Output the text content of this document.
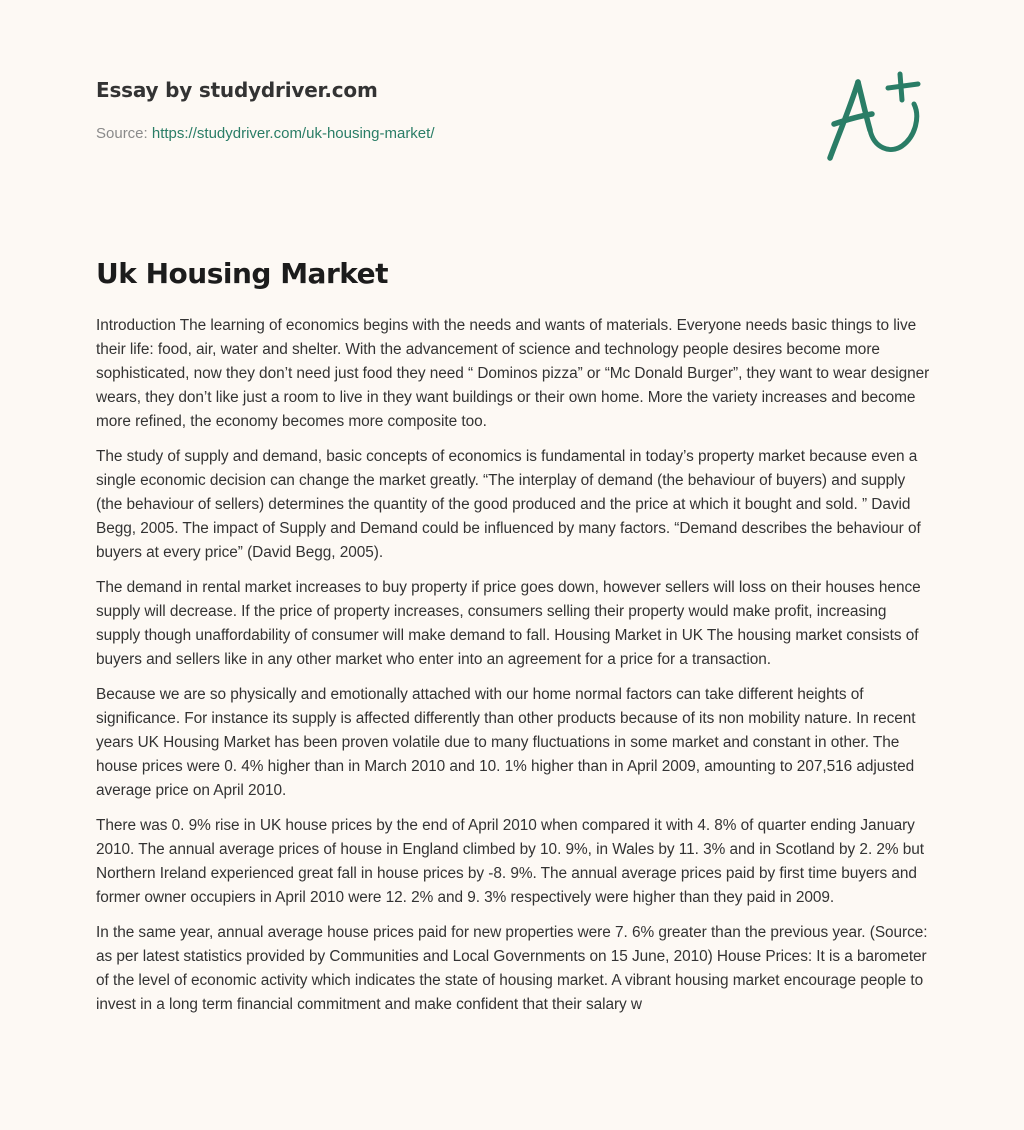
Essay by studydriver.com
Source: https://studydriver.com/uk-housing-market/
Uk Housing Market

Introduction The learning of economics begins with the needs and wants of materials. Everyone needs basic things to live their life: food, air, water and shelter. With the advancement of science and technology people desires become more sophisticated, now they don’t need just food they need “ Dominos pizza” or “Mc Donald Burger”, they want to wear designer wears, they don’t like just a room to live in they want buildings or their own home. More the variety increases and become more refined, the economy becomes more composite too.

The study of supply and demand, basic concepts of economics is fundamental in today’s property market because even a single economic decision can change the market greatly. “The interplay of demand (the behaviour of buyers) and supply (the behaviour of sellers) determines the quantity of the good produced and the price at which it bought and sold. ” David Begg, 2005. The impact of Supply and Demand could be influenced by many factors. “Demand describes the behaviour of buyers at every price” (David Begg, 2005).

The demand in rental market increases to buy property if price goes down, however sellers will loss on their houses hence supply will decrease. If the price of property increases, consumers selling their property would make profit, increasing supply though unaffordability of consumer will make demand to fall. Housing Market in UK The housing market consists of buyers and sellers like in any other market who enter into an agreement for a price for a transaction.

Because we are so physically and emotionally attached with our home normal factors can take different heights of significance. For instance its supply is affected differently than other products because of its non mobility nature. In recent years UK Housing Market has been proven volatile due to many fluctuations in some market and constant in other. The house prices were 0. 4% higher than in March 2010 and 10. 1% higher than in April 2009, amounting to 207,516 adjusted average price on April 2010.

There was 0. 9% rise in UK house prices by the end of April 2010 when compared it with 4. 8% of quarter ending January 2010. The annual average prices of house in England climbed by 10. 9%, in Wales by 11. 3% and in Scotland by 2. 2% but Northern Ireland experienced great fall in house prices by -8. 9%. The annual average prices paid by first time buyers and former owner occupiers in April 2010 were 12. 2% and 9. 3% respectively were higher than they paid in 2009.

In the same year, annual average house prices paid for new properties were 7. 6% greater than the previous year. (Source: as per latest statistics provided by Communities and Local Governments on 15 June, 2010) House Prices: It is a barometer of the level of economic activity which indicates the state of housing market. A vibrant housing market encourage people to invest in a long term financial commitment and make confident that their salary w
